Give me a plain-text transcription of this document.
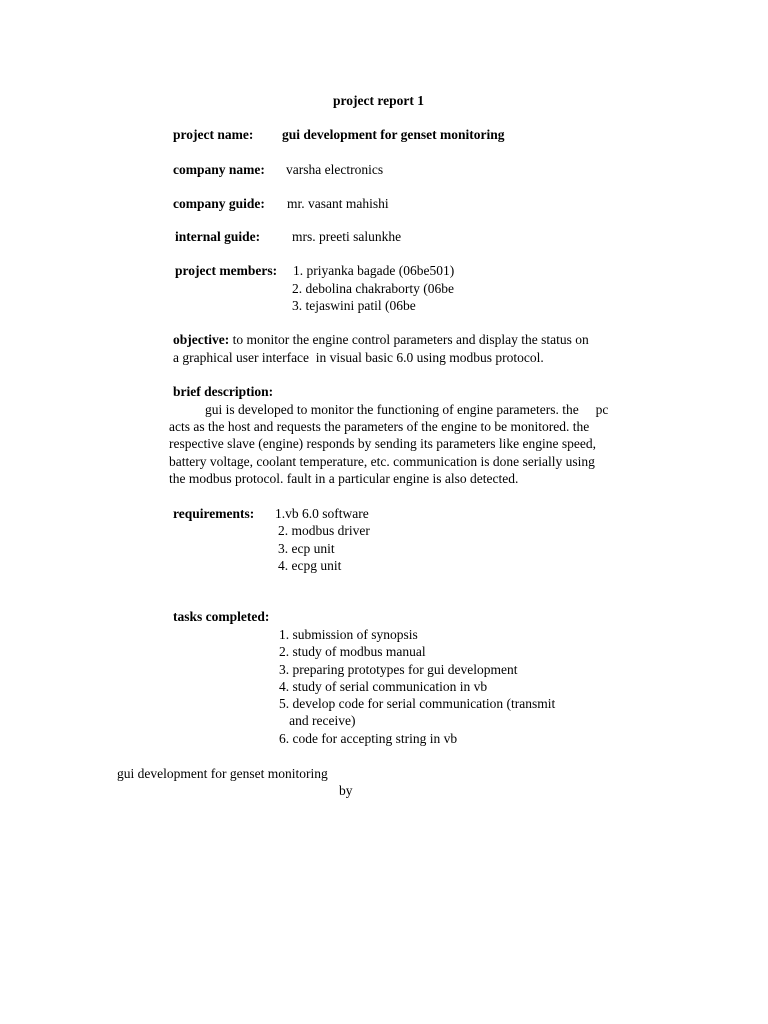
project report 1
project name: gui development for genset monitoring
company name: varsha electronics
company guide: mr. vasant mahishi
internal guide: mrs. preeti salunkhe
project members: 1. priyanka bagade (06be501)
2. debolina chakraborty (06be
3. tejaswini patil (06be
objective: to monitor the engine control parameters and display the status on
a graphical user interface  in visual basic 6.0 using modbus protocol.
brief description:
gui is developed to monitor the functioning of engine parameters. the     pc
acts as the host and requests the parameters of the engine to be monitored. the
respective slave (engine) responds by sending its parameters like engine speed,
battery voltage, coolant temperature, etc. communication is done serially using
the modbus protocol. fault in a particular engine is also detected.
requirements: 1.vb 6.0 software
2. modbus driver
3. ecp unit
4. ecpg unit
tasks completed:
1. submission of synopsis
2. study of modbus manual
3. preparing prototypes for gui development
4. study of serial communication in vb
5. develop code for serial communication (transmit
and receive)
6. code for accepting string in vb
gui development for genset monitoring
by
